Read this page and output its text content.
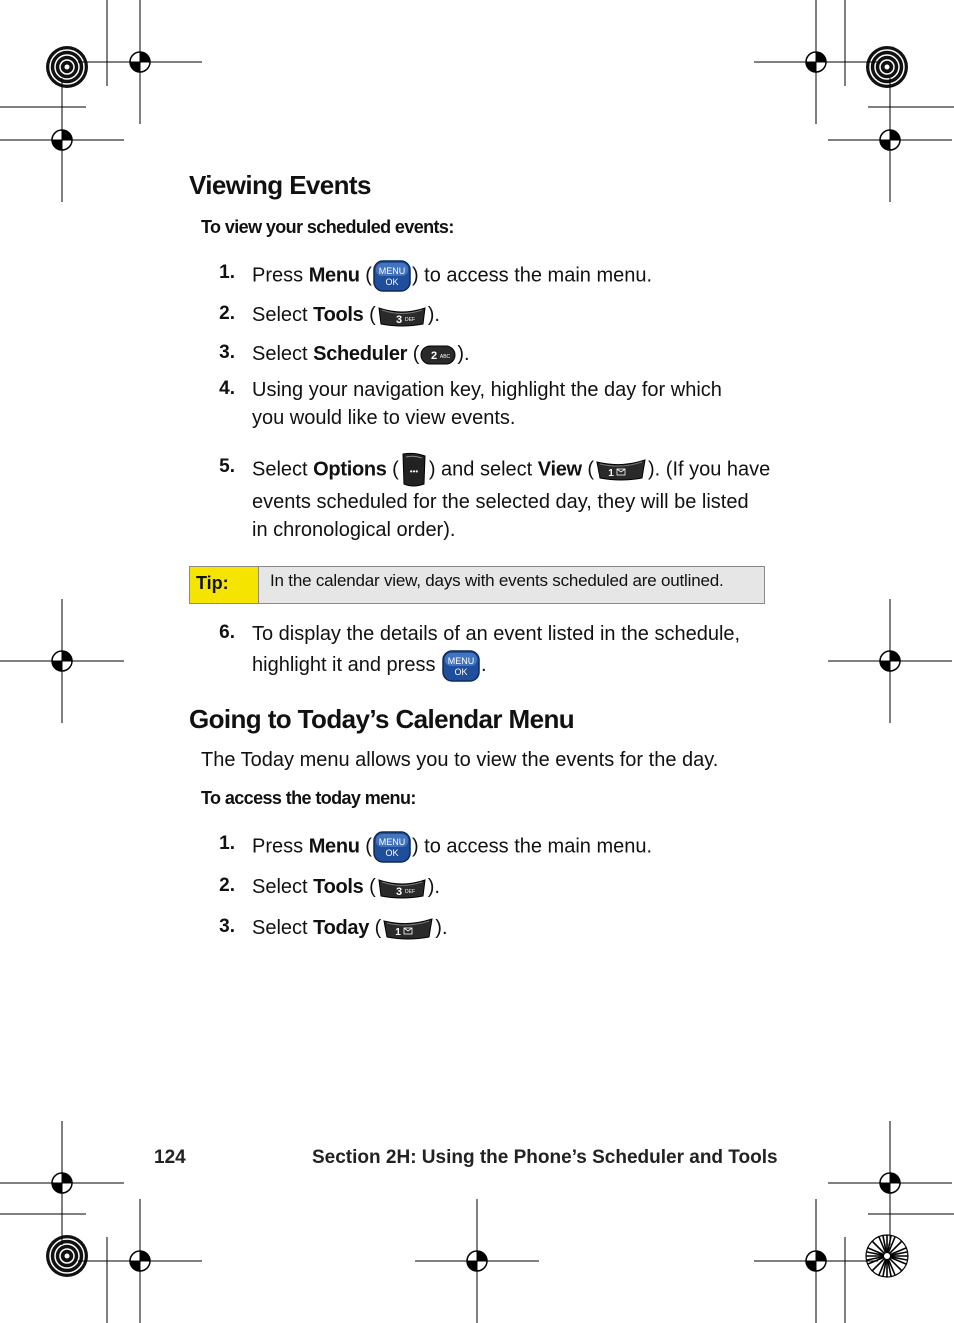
Viewing Events
To view your scheduled events:
1. Press Menu ( MENU
OK ) to access the main menu.
2. Select Tools ( 3 DEF ).
3. Select Scheduler ( 2 ABC ).
4. Using your navigation key, highlight the day for which
you would like to view events.
5. Select Options ( ••• ) and select View ( 1 ). (If you have
events scheduled for the selected day, they will be listed
in chronological order).
Tip:	In the calendar view, days with events scheduled are outlined.
6. To display the details of an event listed in the schedule,
highlight it and press MENU
OK .
Going to Today’s Calendar Menu
The Today menu allows you to view the events for the day.
To access the today menu:
1. Press Menu ( MENU
OK ) to access the main menu.
2. Select Tools ( 3 DEF ).
3. Select Today ( 1 ).
124	Section 2H: Using the Phone’s Scheduler and Tools
